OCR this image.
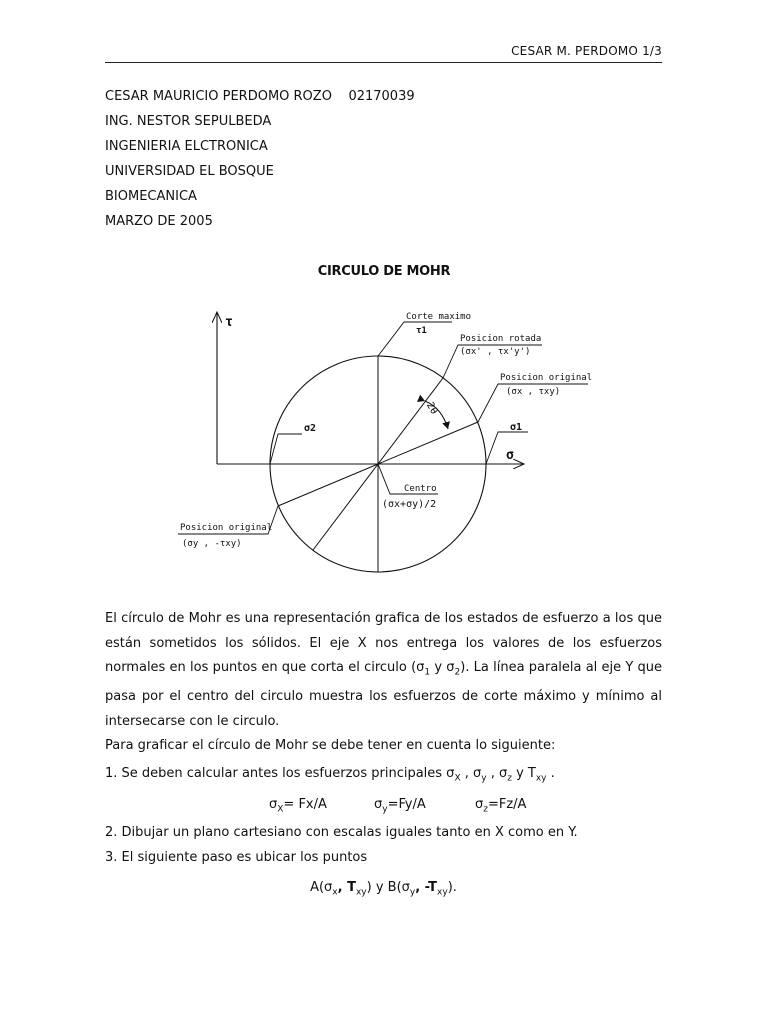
CESAR M. PERDOMO 1/3
CESAR MAURICIO PERDOMO ROZO    02170039
ING. NESTOR SEPULBEDA
INGENIERIA ELCTRONICA
UNIVERSIDAD EL BOSQUE
BIOMECANICA
MARZO DE 2005
CIRCULO DE MOHR
2θ
τ
σ
Corte maximo
τ1
Posicion rotada
(σx' , τx'y')
Posicion original
(σx , τxy)
σ1
σ2
Centro
(σx+σy)/2
Posicion original
(σy , -τxy)
El círculo de Mohr es una representación grafica de los estados de esfuerzo a los que están sometidos los sólidos. El eje X nos entrega los valores de los esfuerzos normales en los puntos en que corta el circulo ($\sigma_1$ y $\sigma_2$). La línea paralela al eje Y que pasa por el centro del circulo muestra los esfuerzos de corte máximo y mínimo al intersecarse con le circulo.
Para graficar el círculo de Mohr se debe tener en cuenta lo siguiente:
1. Se deben calcular antes los esfuerzos principales $\sigma_X$ , $\sigma_y$ , $\sigma_z$ y $T_{xy}$ .
$\sigma_X= Fx/A$	$\sigma_y=Fy/A$	$\sigma_z=Fz/A$
2. Dibujar un plano cartesiano con escalas iguales tanto en X como en Y.
3. El siguiente paso es ubicar los puntos
$A(\sigma_x$, $T_{xy}$) y $B(\sigma_y$, $-T_{xy}$).
